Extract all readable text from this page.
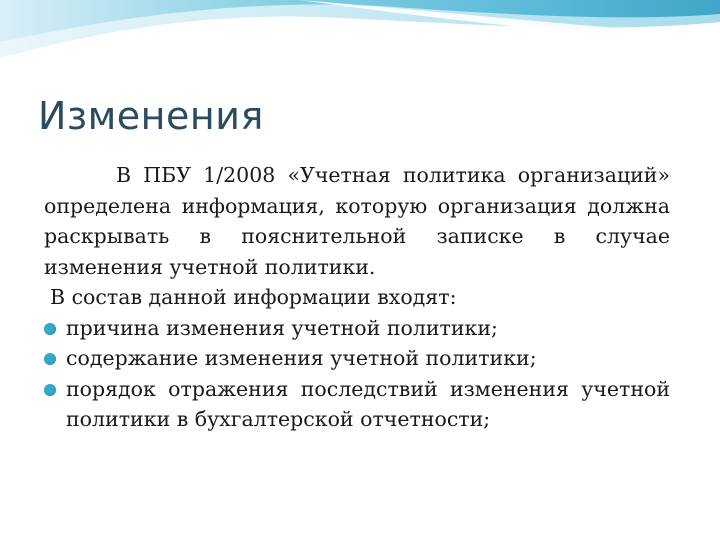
Изменения

В ПБУ 1/2008 «Учетная политика организаций» определена информация, которую организация должна раскрывать в пояснительной записке в случае изменения учетной политики.

В состав данной информации входят:

причина изменения учетной политики;
содержание изменения учетной политики;
порядок отражения последствий изменения учетной политики в бухгалтерской отчетности;
